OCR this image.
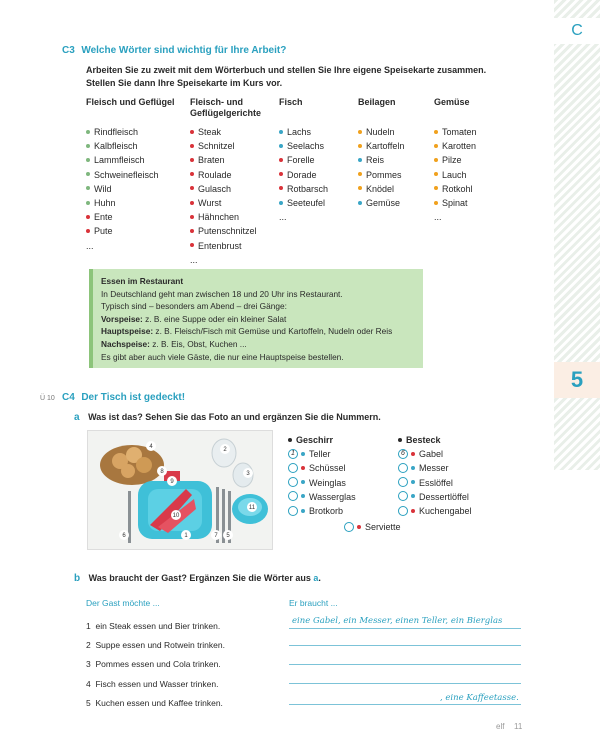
C
5
C3 Welche Wörter sind wichtig für Ihre Arbeit?
Arbeiten Sie zu zweit mit dem Wörterbuch und stellen Sie Ihre eigene Speisekarte zusammen.
Stellen Sie dann Ihre Speisekarte im Kurs vor.
Fleisch und Geflügel
Rindfleisch
Kalbfleisch
Lammfleisch
Schweinefleisch
Wild
Huhn
Ente
Pute
...
Fleisch- und Geflügelgerichte
Steak
Schnitzel
Braten
Roulade
Gulasch
Wurst
Hähnchen
Putenschnitzel
Entenbrust
...
Fisch
Lachs
Seelachs
Forelle
Dorade
Rotbarsch
Seeteufel
...
Beilagen
Nudeln
Kartoffeln
Reis
Pommes
Knödel
Gemüse
Gemüse
Tomaten
Karotten
Pilze
Lauch
Rotkohl
Spinat
...
Essen im Restaurant
In Deutschland geht man zwischen 18 und 20 Uhr ins Restaurant.
Typisch sind – besonders am Abend – drei Gänge:
Vorspeise: z. B. eine Suppe oder ein kleiner Salat
Hauptspeise: z. B. Fleisch/Fisch mit Gemüse und Kartoffeln, Nudeln oder Reis
Nachspeise: z. B. Eis, Obst, Kuchen ...
Es gibt aber auch viele Gäste, die nur eine Hauptspeise bestellen.
Ü 10 C4 Der Tisch ist gedeckt!
a Was ist das? Sehen Sie das Foto an und ergänzen Sie die Nummern.
1
2
3
4
5
6	7
8
9
10
11
Geschirr
1 Teller
Schüssel
Weinglas
Wasserglas
Brotkorb
Besteck
6 Gabel
Messer
Esslöffel
Dessertlöffel
Kuchengabel
Serviette
b Was braucht der Gast? Ergänzen Sie die Wörter aus a.
Der Gast möchte ...	Er braucht ...
1 ein Steak essen und Bier trinken.
2 Suppe essen und Rotwein trinken.
3 Pommes essen und Cola trinken.
4 Fisch essen und Wasser trinken.
5 Kuchen essen und Kaffee trinken.
eine Gabel, ein Messer, einen Teller, ein Bierglas
, eine Kaffeetasse.
elf 11
